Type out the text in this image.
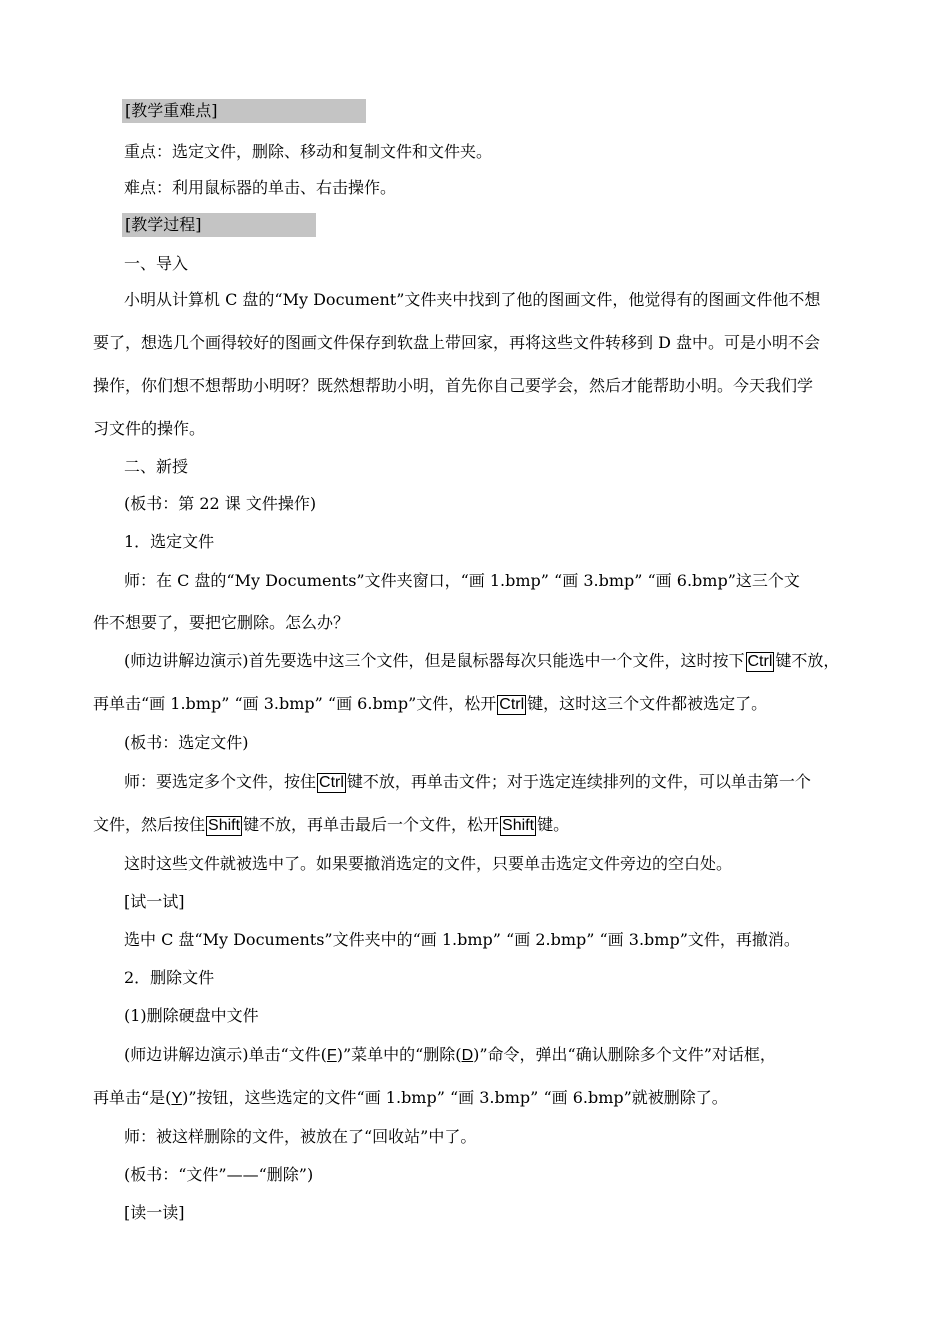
[教学重难点]
重点：选定文件，删除、移动和复制文件和文件夹。
难点：利用鼠标器的单击、右击操作。
[教学过程]
一、导入
小明从计算机 C 盘的“My Document”文件夹中找到了他的图画文件，他觉得有的图画文件他不想
要了，想选几个画得较好的图画文件保存到软盘上带回家，再将这些文件转移到 D 盘中。可是小明不会
操作，你们想不想帮助小明呀？既然想帮助小明，首先你自己要学会，然后才能帮助小明。今天我们学
习文件的操作。
二、新授
(板书：第 22 课 文件操作)
1．选定文件
师：在 C 盘的“My Documents”文件夹窗口，“画 1.bmp” “画 3.bmp” “画 6.bmp”这三个文
件不想要了，要把它删除。怎么办？
(师边讲解边演示)首先要选中这三个文件，但是鼠标器每次只能选中一个文件，这时按下 Ctrl 键不放，
再单击“画 1.bmp” “画 3.bmp” “画 6.bmp”文件，松开 Ctrl 键，这时这三个文件都被选定了。
(板书：选定文件)
师：要选定多个文件，按住 Ctrl 键不放，再单击文件；对于选定连续排列的文件，可以单击第一个
文件，然后按住 Shift 键不放，再单击最后一个文件，松开 Shift 键。
这时这些文件就被选中了。如果要撤消选定的文件，只要单击选定文件旁边的空白处。
[试一试]
选中 C 盘“My Documents”文件夹中的“画 1.bmp” “画 2.bmp” “画 3.bmp”文件，再撤消。
2．删除文件
(1)删除硬盘中文件
(师边讲解边演示)单击“文件(F)”菜单中的“删除(D)”命令，弹出“确认删除多个文件”对话框，
再单击“是(Y)”按钮，这些选定的文件“画 1.bmp” “画 3.bmp” “画 6.bmp”就被删除了。
师：被这样删除的文件，被放在了“回收站”中了。
(板书：“文件”——“删除”)
[读一读]
